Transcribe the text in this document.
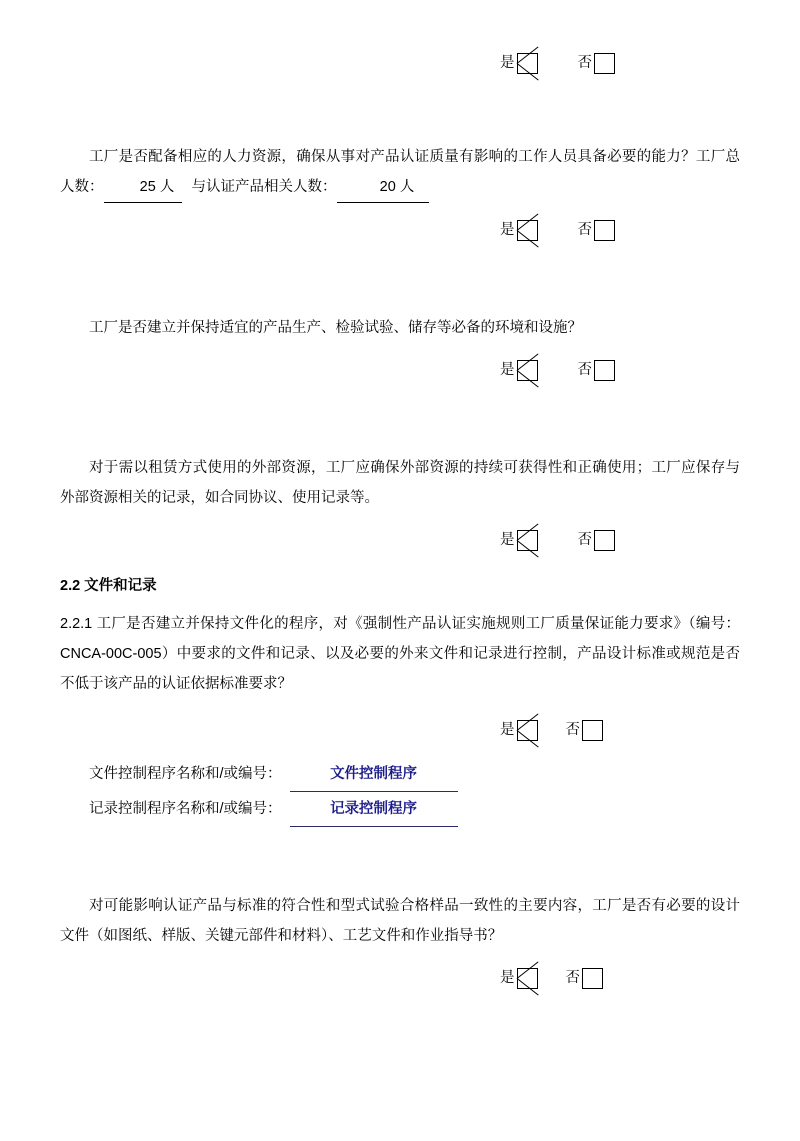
是	否

工厂是否配备相应的人力资源，确保从事对产品认证质量有影响的工作人员具备必要的能力？工厂总人数： 25 人 与认证产品相关人数：	20 人

是	否

工厂是否建立并保持适宜的产品生产、检验试验、储存等必备的环境和设施？

是	否

对于需以租赁方式使用的外部资源，工厂应确保外部资源的持续可获得性和正确使用；工厂应保存与外部资源相关的记录，如合同协议、使用记录等。

是	否

2.2 文件和记录

2.2.1 工厂是否建立并保持文件化的程序，对《强制性产品认证实施规则工厂质量保证能力要求》（编号：CNCA-00C-005）中要求的文件和记录、以及必要的外来文件和记录进行控制，产品设计标准或规范是否不低于该产品的认证依据标准要求？

是	否
文件控制程序名称和/或编号：	文件控制程序
记录控制程序名称和/或编号：	记录控制程序

对可能影响认证产品与标准的符合性和型式试验合格样品一致性的主要内容，工厂是否有必要的设计文件（如图纸、样版、关键元部件和材料）、工艺文件和作业指导书？

是	否
